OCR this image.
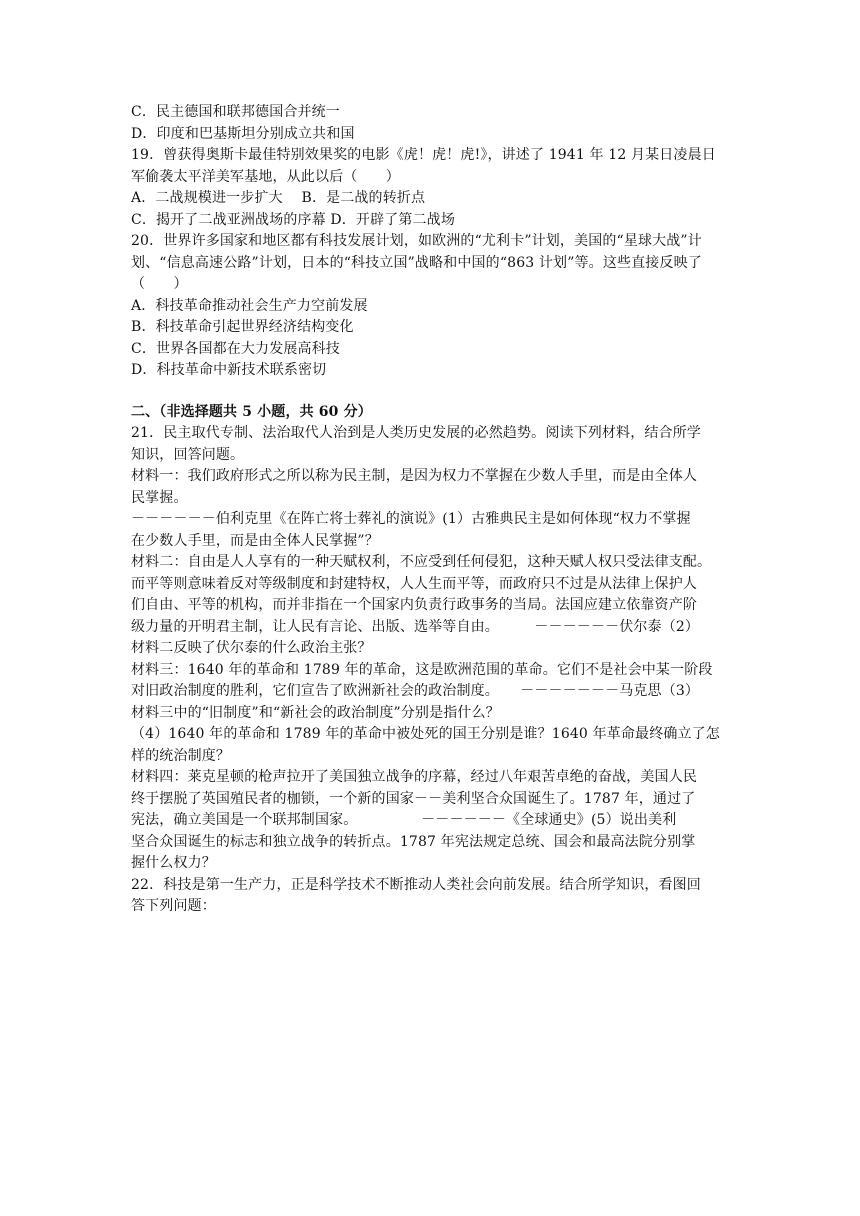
C．民主德国和联邦德国合并统一
D．印度和巴基斯坦分别成立共和国
19．曾获得奥斯卡最佳特别效果奖的电影《虎！虎！虎!》，讲述了 1941 年 12 月某日凌晨日
军偷袭太平洋美军基地，从此以后（　　）
A．二战规模进一步扩大　 B．是二战的转折点
C．揭开了二战亚洲战场的序幕 D．开辟了第二战场
20．世界许多国家和地区都有科技发展计划，如欧洲的“尤利卡”计划，美国的“星球大战”计
划、“信息高速公路”计划，日本的“科技立国”战略和中国的“863 计划”等。这些直接反映了
（　　）
A．科技革命推动社会生产力空前发展
B．科技革命引起世界经济结构变化
C．世界各国都在大力发展高科技
D．科技革命中新技术联系密切
二、（非选择题共 5 小题，共 60 分）
21．民主取代专制、法治取代人治到是人类历史发展的必然趋势。阅读下列材料，结合所学
知识，回答问题。
材料一：我们政府形式之所以称为民主制，是因为权力不掌握在少数人手里，而是由全体人
民掌握。
－－－－－－伯利克里《在阵亡将士葬礼的演说》(1）古雅典民主是如何体现“权力不掌握
在少数人手里，而是由全体人民掌握”？
材料二：自由是人人享有的一种天赋权利，不应受到任何侵犯，这种天赋人权只受法律支配。
而平等则意味着反对等级制度和封建特权，人人生而平等，而政府只不过是从法律上保护人
们自由、平等的机构，而并非指在一个国家内负责行政事务的当局。法国应建立依靠资产阶
级力量的开明君主制，让人民有言论、出版、选举等自由。　　　－－－－－－伏尔泰（2）
材料二反映了伏尔泰的什么政治主张？
材料三：1640 年的革命和 1789 年的革命，这是欧洲范围的革命。它们不是社会中某一阶段
对旧政治制度的胜利，它们宣告了欧洲新社会的政治制度。　　－－－－－－－马克思（3）
材料三中的“旧制度”和“新社会的政治制度”分别是指什么？
（4）1640 年的革命和 1789 年的革命中被处死的国王分别是谁？1640 年革命最终确立了怎
样的统治制度？
材料四：莱克星顿的枪声拉开了美国独立战争的序幕，经过八年艰苦卓绝的奋战，美国人民
终于摆脱了英国殖民者的枷锁，一个新的国家－－美利坚合众国诞生了。1787 年，通过了
宪法，确立美国是一个联邦制国家。　　　　　－－－－－－《全球通史》(5）说出美利
坚合众国诞生的标志和独立战争的转折点。1787 年宪法规定总统、国会和最高法院分别掌
握什么权力？
22．科技是第一生产力，正是科学技术不断推动人类社会向前发展。结合所学知识，看图回
答下列问题：
